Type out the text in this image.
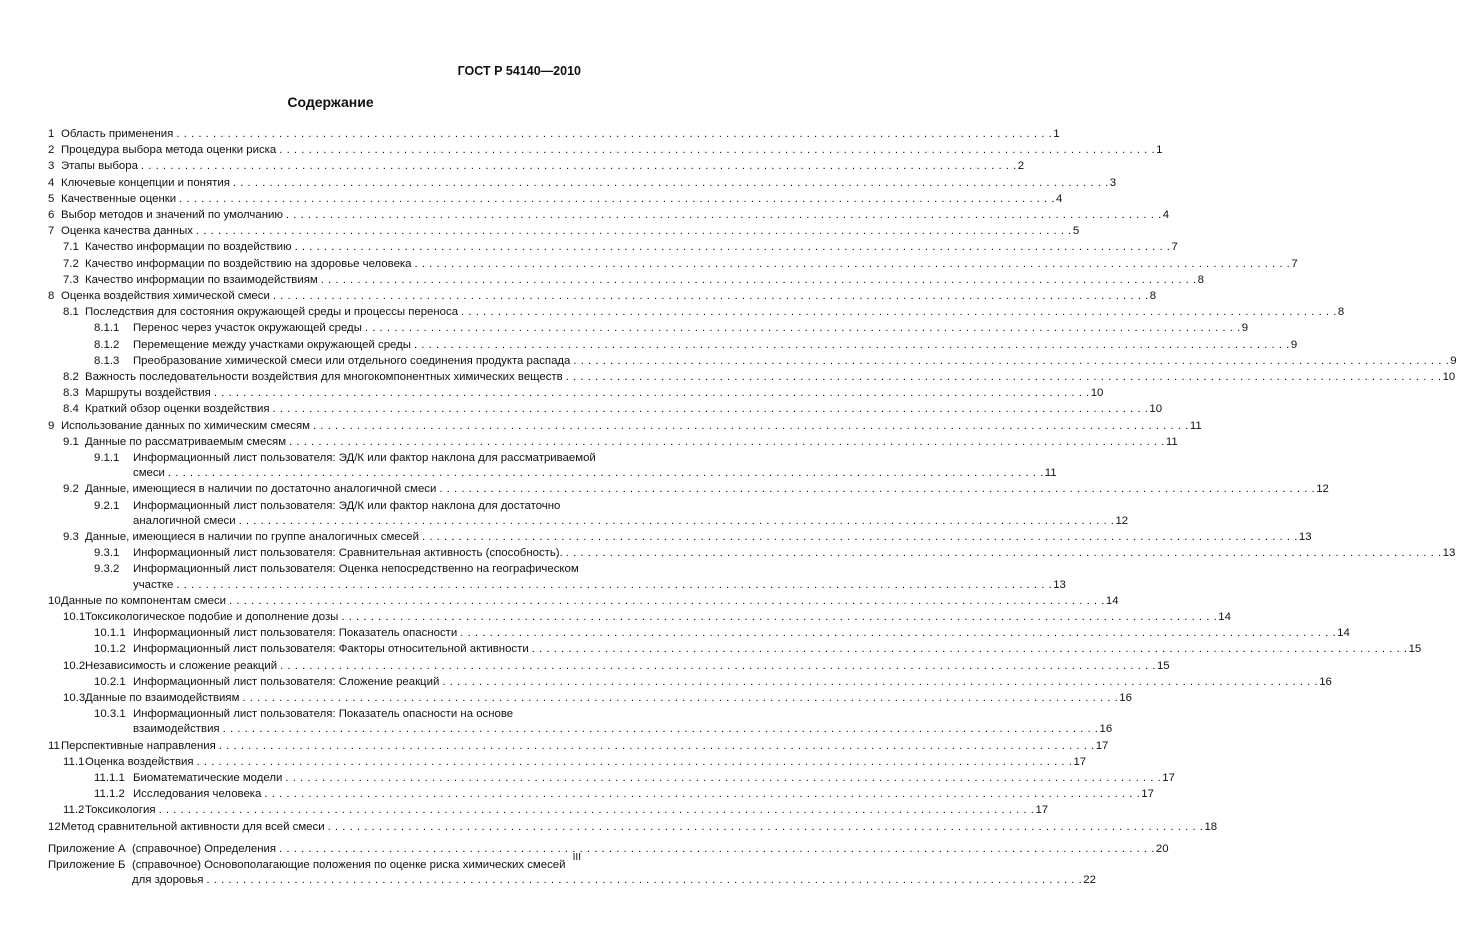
ГОСТ Р 54140—2010
Содержание
1 Область применения . . . . . . . . . . . . . . . . . . . . . . . . . . . . . . . . . . . . . . . . . . . . . . . . . . . . . . . . . . . . . . . . . . . . . . . . . . . . . . . . . . . . . . . . . . . . . . . . . . . . . . . . . . . . . . . . . . . . . . . . 1
2 Процедура выбора метода оценки риска . . . . . . . . . . . . . . . . . . . . . . . . . . . . . . . . . . . . . . . . . . . . . . . . . . . . . . . . . . . . . . . . . . . . . . . . . . . . . . . . . . . . . . . . . . . . . . . . . . . . . . . . . . . . . . . . . . . . . . . . 1
3 Этапы выбора . . . . . . . . . . . . . . . . . . . . . . . . . . . . . . . . . . . . . . . . . . . . . . . . . . . . . . . . . . . . . . . . . . . . . . . . . . . . . . . . . . . . . . . . . . . . . . . . . . . . . . . . . . . . . . . . . . . . . . . . 2
4 Ключевые концепции и понятия . . . . . . . . . . . . . . . . . . . . . . . . . . . . . . . . . . . . . . . . . . . . . . . . . . . . . . . . . . . . . . . . . . . . . . . . . . . . . . . . . . . . . . . . . . . . . . . . . . . . . . . . . . . . . . . . . . . . . . . . 3
5 Качественные оценки . . . . . . . . . . . . . . . . . . . . . . . . . . . . . . . . . . . . . . . . . . . . . . . . . . . . . . . . . . . . . . . . . . . . . . . . . . . . . . . . . . . . . . . . . . . . . . . . . . . . . . . . . . . . . . . . . . . . . . . . 4
6 Выбор методов и значений по умолчанию . . . . . . . . . . . . . . . . . . . . . . . . . . . . . . . . . . . . . . . . . . . . . . . . . . . . . . . . . . . . . . . . . . . . . . . . . . . . . . . . . . . . . . . . . . . . . . . . . . . . . . . . . . . . . . . . . . . . . . . . 4
7 Оценка качества данных . . . . . . . . . . . . . . . . . . . . . . . . . . . . . . . . . . . . . . . . . . . . . . . . . . . . . . . . . . . . . . . . . . . . . . . . . . . . . . . . . . . . . . . . . . . . . . . . . . . . . . . . . . . . . . . . . . . . . . . . 5
7.1 Качество информации по воздействию . . . . . . . . . . . . . . . . . . . . . . . . . . . . . . . . . . . . . . . . . . . . . . . . . . . . . . . . . . . . . . . . . . . . . . . . . . . . . . . . . . . . . . . . . . . . . . . . . . . . . . . . . . . . . . . . . . . . . . . . 7
7.2 Качество информации по воздействию на здоровье человека . . . . . . . . . . . . . . . . . . . . . . . . . . . . . . . . . . . . . . . . . . . . . . . . . . . . . . . . . . . . . . . . . . . . . . . . . . . . . . . . . . . . . . . . . . . . . . . . . . . . . . . . . . . . . . . . . . . . . . . . 7
7.3 Качество информации по взаимодействиям . . . . . . . . . . . . . . . . . . . . . . . . . . . . . . . . . . . . . . . . . . . . . . . . . . . . . . . . . . . . . . . . . . . . . . . . . . . . . . . . . . . . . . . . . . . . . . . . . . . . . . . . . . . . . . . . . . . . . . . . 8
8 Оценка воздействия химической смеси . . . . . . . . . . . . . . . . . . . . . . . . . . . . . . . . . . . . . . . . . . . . . . . . . . . . . . . . . . . . . . . . . . . . . . . . . . . . . . . . . . . . . . . . . . . . . . . . . . . . . . . . . . . . . . . . . . . . . . . . 8
8.1 Последствия для состояния окружающей среды и процессы переноса . . . . . . . . . . . . . . . . . . . . . . . . . . . . . . . . . . . . . . . . . . . . . . . . . . . . . . . . . . . . . . . . . . . . . . . . . . . . . . . . . . . . . . . . . . . . . . . . . . . . . . . . . . . . . . . . . . . . . . . . 8
8.1.1 Перенос через участок окружающей среды . . . . . . . . . . . . . . . . . . . . . . . . . . . . . . . . . . . . . . . . . . . . . . . . . . . . . . . . . . . . . . . . . . . . . . . . . . . . . . . . . . . . . . . . . . . . . . . . . . . . . . . . . . . . . . . . . . . . . . . . 9
8.1.2 Перемещение между участками окружающей среды . . . . . . . . . . . . . . . . . . . . . . . . . . . . . . . . . . . . . . . . . . . . . . . . . . . . . . . . . . . . . . . . . . . . . . . . . . . . . . . . . . . . . . . . . . . . . . . . . . . . . . . . . . . . . . . . . . . . . . . . 9
8.1.3 Преобразование химической смеси или отдельного соединения продукта распада . . . . . . . . . . . . . . . . . . . . . . . . . . . . . . . . . . . . . . . . . . . . . . . . . . . . . . . . . . . . . . . . . . . . . . . . . . . . . . . . . . . . . . . . . . . . . . . . . . . . . . . . . . . . . . . . . . . . . . . . 9
8.2 Важность последовательности воздействия для многокомпонентных химических веществ . . . . . . . . . . . . . . . . . . . . . . . . . . . . . . . . . . . . . . . . . . . . . . . . . . . . . . . . . . . . . . . . . . . . . . . . . . . . . . . . . . . . . . . . . . . . . . . . . . . . . . . . . . . . . . . . . . . . . . . . 10
8.3 Маршруты воздействия . . . . . . . . . . . . . . . . . . . . . . . . . . . . . . . . . . . . . . . . . . . . . . . . . . . . . . . . . . . . . . . . . . . . . . . . . . . . . . . . . . . . . . . . . . . . . . . . . . . . . . . . . . . . . . . . . . . . . . . . 10
8.4 Краткий обзор оценки воздействия . . . . . . . . . . . . . . . . . . . . . . . . . . . . . . . . . . . . . . . . . . . . . . . . . . . . . . . . . . . . . . . . . . . . . . . . . . . . . . . . . . . . . . . . . . . . . . . . . . . . . . . . . . . . . . . . . . . . . . . . 10
9 Использование данных по химическим смесям . . . . . . . . . . . . . . . . . . . . . . . . . . . . . . . . . . . . . . . . . . . . . . . . . . . . . . . . . . . . . . . . . . . . . . . . . . . . . . . . . . . . . . . . . . . . . . . . . . . . . . . . . . . . . . . . . . . . . . . . 11
9.1 Данные по рассматриваемым смесям . . . . . . . . . . . . . . . . . . . . . . . . . . . . . . . . . . . . . . . . . . . . . . . . . . . . . . . . . . . . . . . . . . . . . . . . . . . . . . . . . . . . . . . . . . . . . . . . . . . . . . . . . . . . . . . . . . . . . . . . 11
9.1.1 Информационный лист пользователя: ЭД/К или фактор наклона для рассматриваемой
смеси . . . . . . . . . . . . . . . . . . . . . . . . . . . . . . . . . . . . . . . . . . . . . . . . . . . . . . . . . . . . . . . . . . . . . . . . . . . . . . . . . . . . . . . . . . . . . . . . . . . . . . . . . . . . . . . . . . . . . . . . 11
9.2 Данные, имеющиеся в наличии по достаточно аналогичной смеси . . . . . . . . . . . . . . . . . . . . . . . . . . . . . . . . . . . . . . . . . . . . . . . . . . . . . . . . . . . . . . . . . . . . . . . . . . . . . . . . . . . . . . . . . . . . . . . . . . . . . . . . . . . . . . . . . . . . . . . . 12
9.2.1 Информационный лист пользователя: ЭД/К или фактор наклона для достаточно
аналогичной смеси . . . . . . . . . . . . . . . . . . . . . . . . . . . . . . . . . . . . . . . . . . . . . . . . . . . . . . . . . . . . . . . . . . . . . . . . . . . . . . . . . . . . . . . . . . . . . . . . . . . . . . . . . . . . . . . . . . . . . . . . 12
9.3 Данные, имеющиеся в наличии по группе аналогичных смесей . . . . . . . . . . . . . . . . . . . . . . . . . . . . . . . . . . . . . . . . . . . . . . . . . . . . . . . . . . . . . . . . . . . . . . . . . . . . . . . . . . . . . . . . . . . . . . . . . . . . . . . . . . . . . . . . . . . . . . . . 13
9.3.1 Информационный лист пользователя: Сравнительная активность (способность). . . . . . . . . . . . . . . . . . . . . . . . . . . . . . . . . . . . . . . . . . . . . . . . . . . . . . . . . . . . . . . . . . . . . . . . . . . . . . . . . . . . . . . . . . . . . . . . . . . . . . . . . . . . . . . . . . . . . . . . . 13
9.3.2 Информационный лист пользователя: Оценка непосредственно на географическом
участке . . . . . . . . . . . . . . . . . . . . . . . . . . . . . . . . . . . . . . . . . . . . . . . . . . . . . . . . . . . . . . . . . . . . . . . . . . . . . . . . . . . . . . . . . . . . . . . . . . . . . . . . . . . . . . . . . . . . . . . . 13
10 Данные по компонентам смеси . . . . . . . . . . . . . . . . . . . . . . . . . . . . . . . . . . . . . . . . . . . . . . . . . . . . . . . . . . . . . . . . . . . . . . . . . . . . . . . . . . . . . . . . . . . . . . . . . . . . . . . . . . . . . . . . . . . . . . . . 14
10.1 Токсикологическое подобие и дополнение дозы . . . . . . . . . . . . . . . . . . . . . . . . . . . . . . . . . . . . . . . . . . . . . . . . . . . . . . . . . . . . . . . . . . . . . . . . . . . . . . . . . . . . . . . . . . . . . . . . . . . . . . . . . . . . . . . . . . . . . . . . 14
10.1.1 Информационный лист пользователя: Показатель опасности . . . . . . . . . . . . . . . . . . . . . . . . . . . . . . . . . . . . . . . . . . . . . . . . . . . . . . . . . . . . . . . . . . . . . . . . . . . . . . . . . . . . . . . . . . . . . . . . . . . . . . . . . . . . . . . . . . . . . . . . 14
10.1.2 Информационный лист пользователя: Факторы относительной активности . . . . . . . . . . . . . . . . . . . . . . . . . . . . . . . . . . . . . . . . . . . . . . . . . . . . . . . . . . . . . . . . . . . . . . . . . . . . . . . . . . . . . . . . . . . . . . . . . . . . . . . . . . . . . . . . . . . . . . . . 15
10.2 Независимость и сложение реакций . . . . . . . . . . . . . . . . . . . . . . . . . . . . . . . . . . . . . . . . . . . . . . . . . . . . . . . . . . . . . . . . . . . . . . . . . . . . . . . . . . . . . . . . . . . . . . . . . . . . . . . . . . . . . . . . . . . . . . . . 15
10.2.1 Информационный лист пользователя: Сложение реакций . . . . . . . . . . . . . . . . . . . . . . . . . . . . . . . . . . . . . . . . . . . . . . . . . . . . . . . . . . . . . . . . . . . . . . . . . . . . . . . . . . . . . . . . . . . . . . . . . . . . . . . . . . . . . . . . . . . . . . . . 16
10.3 Данные по взаимодействиям . . . . . . . . . . . . . . . . . . . . . . . . . . . . . . . . . . . . . . . . . . . . . . . . . . . . . . . . . . . . . . . . . . . . . . . . . . . . . . . . . . . . . . . . . . . . . . . . . . . . . . . . . . . . . . . . . . . . . . . . 16
10.3.1 Информационный лист пользователя: Показатель опасности на основе
взаимодействия . . . . . . . . . . . . . . . . . . . . . . . . . . . . . . . . . . . . . . . . . . . . . . . . . . . . . . . . . . . . . . . . . . . . . . . . . . . . . . . . . . . . . . . . . . . . . . . . . . . . . . . . . . . . . . . . . . . . . . . . 16
11 Перспективные направления . . . . . . . . . . . . . . . . . . . . . . . . . . . . . . . . . . . . . . . . . . . . . . . . . . . . . . . . . . . . . . . . . . . . . . . . . . . . . . . . . . . . . . . . . . . . . . . . . . . . . . . . . . . . . . . . . . . . . . . . 17
11.1 Оценка воздействия . . . . . . . . . . . . . . . . . . . . . . . . . . . . . . . . . . . . . . . . . . . . . . . . . . . . . . . . . . . . . . . . . . . . . . . . . . . . . . . . . . . . . . . . . . . . . . . . . . . . . . . . . . . . . . . . . . . . . . . . 17
11.1.1 Биоматематические модели . . . . . . . . . . . . . . . . . . . . . . . . . . . . . . . . . . . . . . . . . . . . . . . . . . . . . . . . . . . . . . . . . . . . . . . . . . . . . . . . . . . . . . . . . . . . . . . . . . . . . . . . . . . . . . . . . . . . . . . . 17
11.1.2 Исследования человека . . . . . . . . . . . . . . . . . . . . . . . . . . . . . . . . . . . . . . . . . . . . . . . . . . . . . . . . . . . . . . . . . . . . . . . . . . . . . . . . . . . . . . . . . . . . . . . . . . . . . . . . . . . . . . . . . . . . . . . . 17
11.2 Токсикология . . . . . . . . . . . . . . . . . . . . . . . . . . . . . . . . . . . . . . . . . . . . . . . . . . . . . . . . . . . . . . . . . . . . . . . . . . . . . . . . . . . . . . . . . . . . . . . . . . . . . . . . . . . . . . . . . . . . . . . . 17
12 Метод сравнительной активности для всей смеси . . . . . . . . . . . . . . . . . . . . . . . . . . . . . . . . . . . . . . . . . . . . . . . . . . . . . . . . . . . . . . . . . . . . . . . . . . . . . . . . . . . . . . . . . . . . . . . . . . . . . . . . . . . . . . . . . . . . . . . . 18
Приложение А (справочное) Определения . . . . . . . . . . . . . . . . . . . . . . . . . . . . . . . . . . . . . . . . . . . . . . . . . . . . . . . . . . . . . . . . . . . . . . . . . . . . . . . . . . . . . . . . . . . . . . . . . . . . . . . . . . . . . . . . . . . . . . . . 20
Приложение Б (справочное) Основополагающие положения по оценке риска химических смесей
для здоровья . . . . . . . . . . . . . . . . . . . . . . . . . . . . . . . . . . . . . . . . . . . . . . . . . . . . . . . . . . . . . . . . . . . . . . . . . . . . . . . . . . . . . . . . . . . . . . . . . . . . . . . . . . . . . . . . . . . . . . . . 22
III
